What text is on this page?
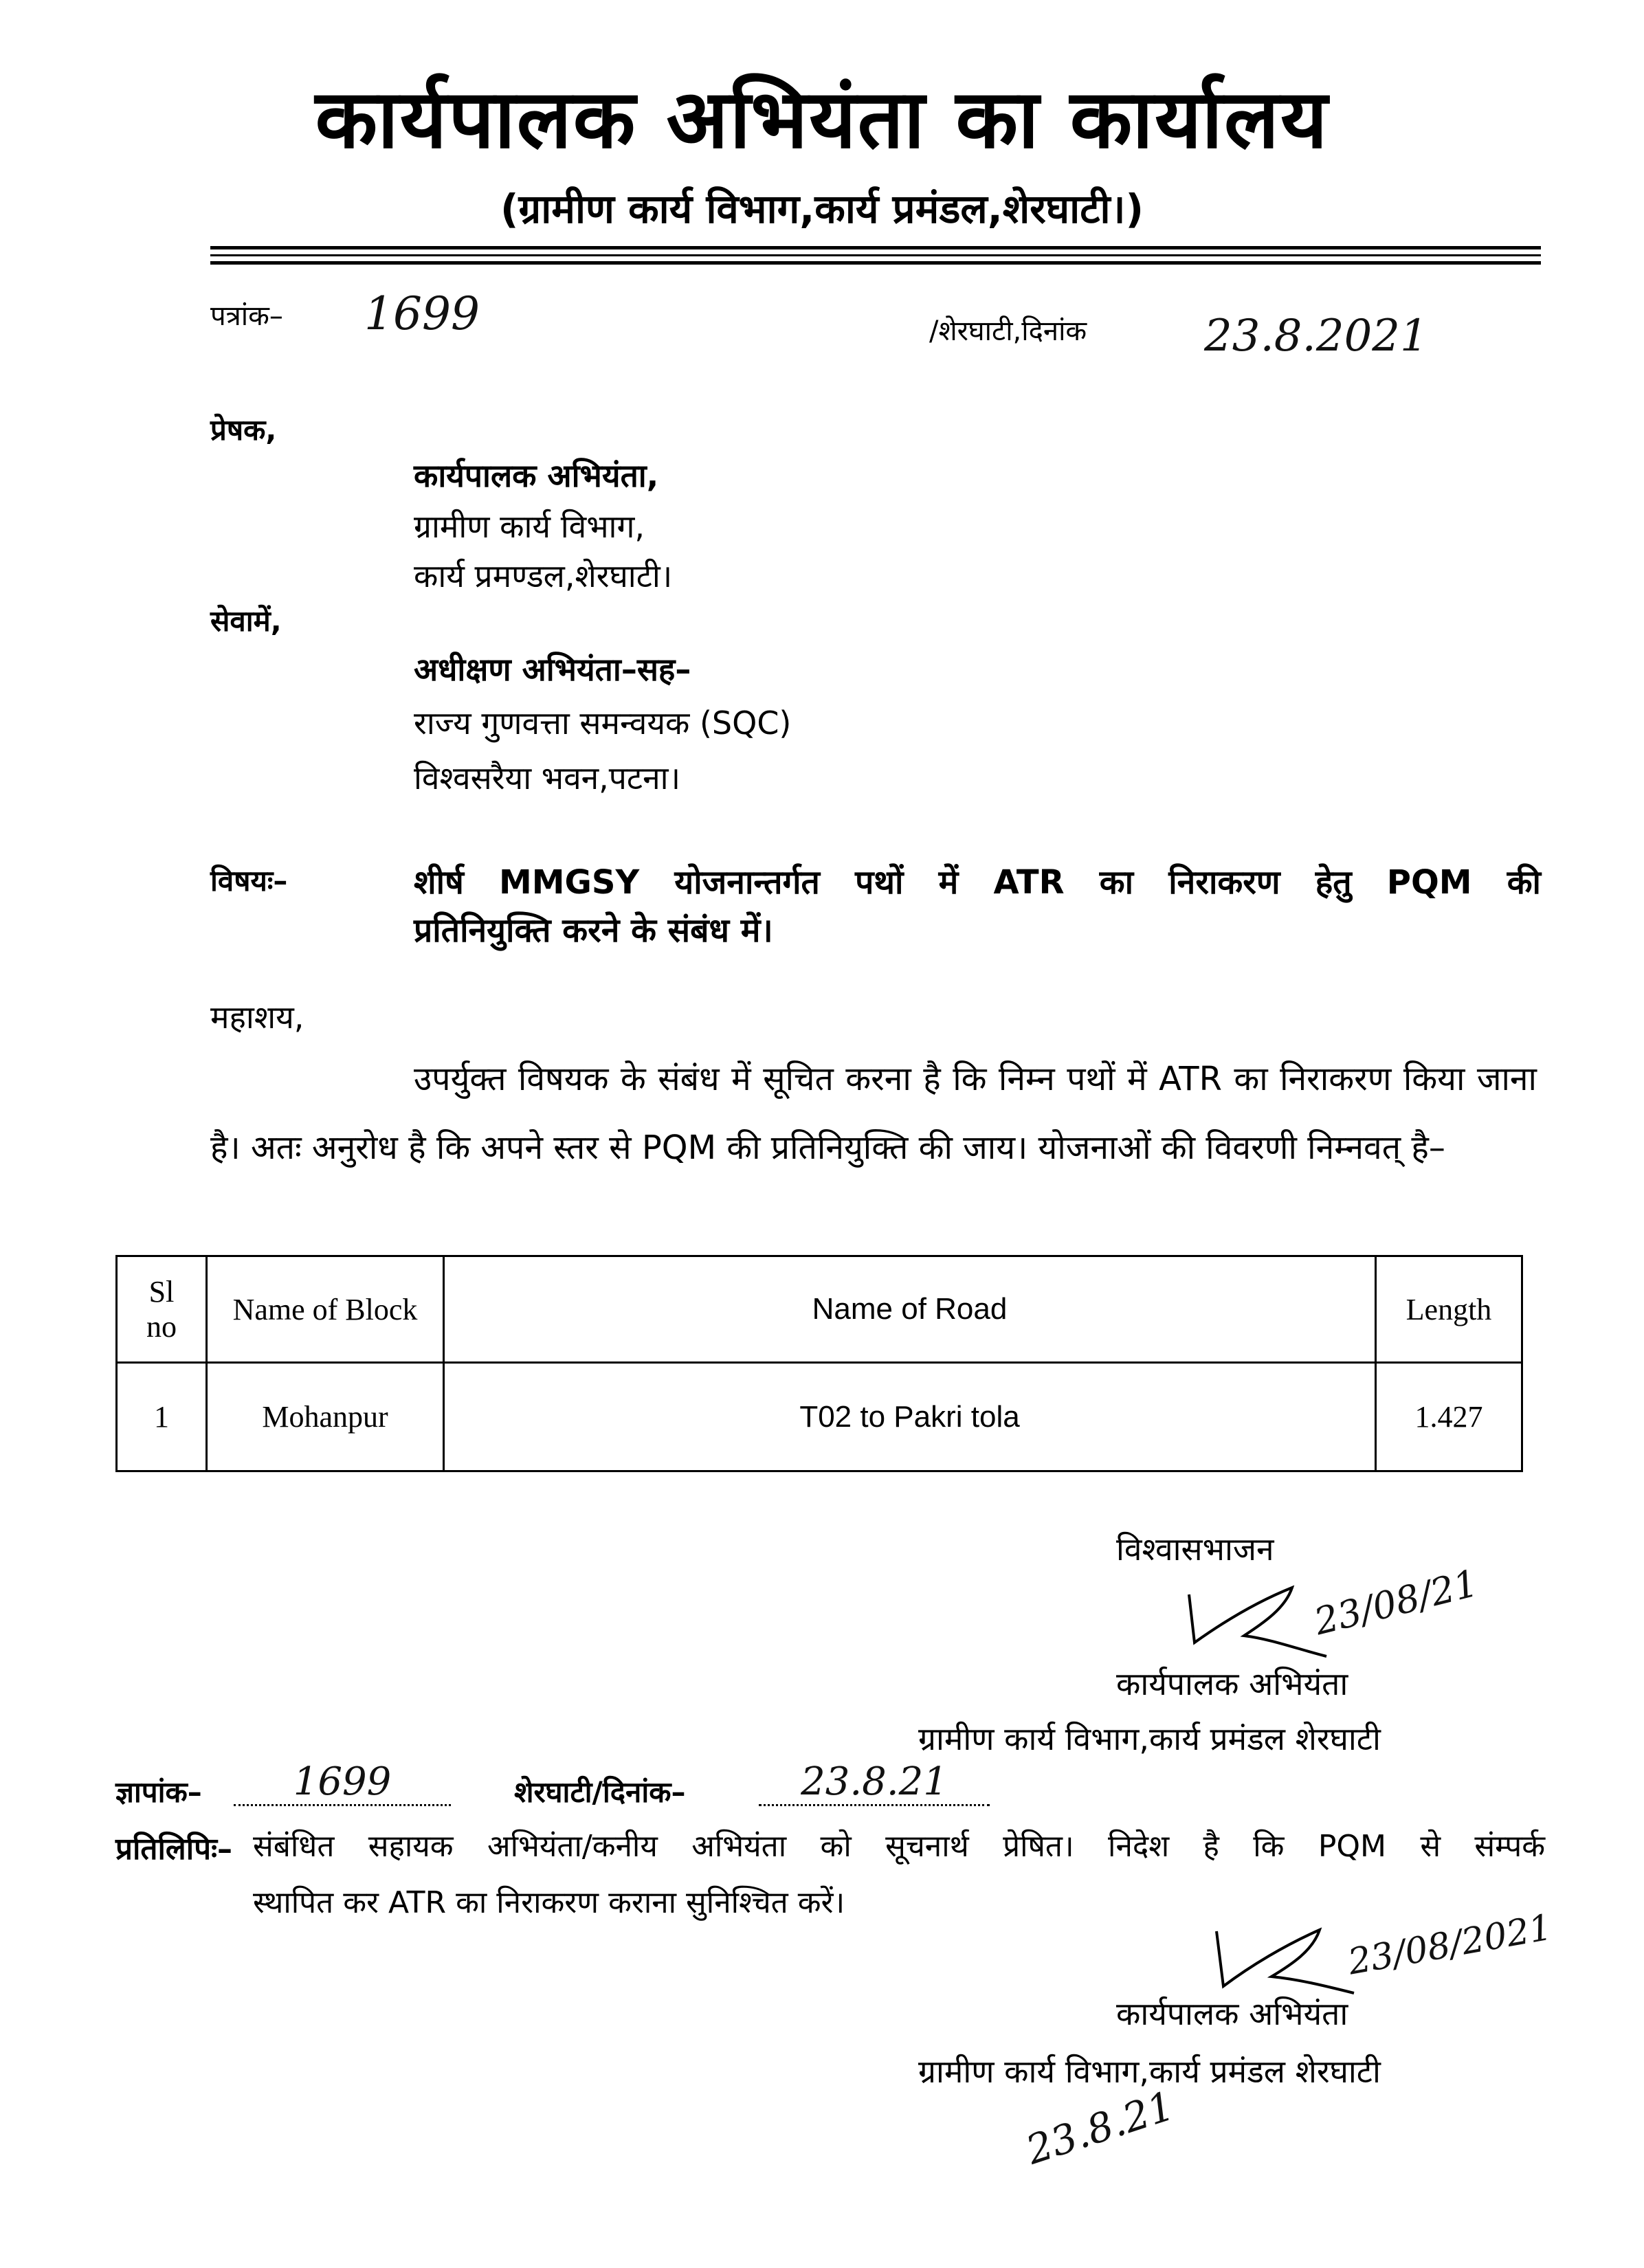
कार्यपालक अभियंता का कार्यालय
(ग्रामीण कार्य विभाग,कार्य प्रमंडल,शेरघाटी।)
पत्रांक– 1699	/शेरघाटी,दिनांक	23.8.2021
प्रेषक,
कार्यपालक अभियंता,
ग्रामीण कार्य विभाग,
कार्य प्रमण्डल,शेरघाटी।
सेवामें,
अधीक्षण अभियंता–सह–
राज्य गुणवत्ता समन्वयक (SQC)
विश्वसरैया भवन,पटना।
विषयः–	शीर्ष MMGSY योजनान्तर्गत पथों में ATR का निराकरण हेतु PQM की
प्रतिनियुक्ति करने के संबंध में।
महाशय,

उपर्युक्त विषयक के संबंध में सूचित करना है कि निम्न पथों में ATR का निराकरण किया जाना है। अतः अनुरोध है कि अपने स्तर से PQM की प्रतिनियुक्ति की जाय। योजनाओं की विवरणी निम्नवत् है–

Sl
no	Name of Block	Name of Road	Length
1	Mohanpur	T02 to Pakri tola	1.427
विश्वासभाजन
23/08/21
कार्यपालक अभियंता
ग्रामीण कार्य विभाग,कार्य प्रमंडल शेरघाटी
ज्ञापांक–	1699	शेरघाटी/दिनांक–	23.8.21
प्रतिलिपिः– संबंधित सहायक अभियंता/कनीय अभियंता को सूचनार्थ प्रेषित। निदेश है कि PQM से संम्पर्क
स्थापित कर ATR का निराकरण कराना सुनिश्चित करें।
23/08/2021
कार्यपालक अभियंता
ग्रामीण कार्य विभाग,कार्य प्रमंडल शेरघाटी
23.8.21
